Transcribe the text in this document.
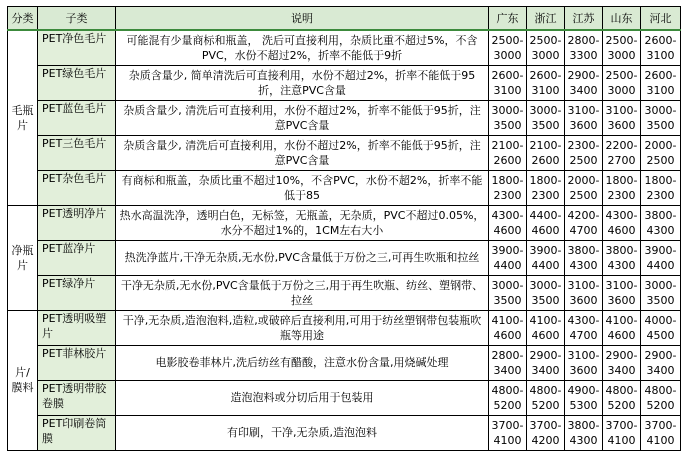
分类	子类	说明	广东	浙江	江苏	山东	河北
毛瓶片	PET净色毛片	可能混有少量商标和瓶盖， 洗后可直接利用，杂质比重不超过5%，不含PVC，水份不超过2%，折率不能低于9折	2500-3000	2500-3000	2800-3300	2500-3000	2600-3100
	PET绿色毛片	杂质含量少, 简单清洗后可直接利用，水份不超过2%，折率不能低于95折，注意PVC含量	2600-3100	2600-3100	2900-3400	2500-3000	2600-3100
	PET蓝色毛片	杂质含量少, 清洗后可直接利用，水份不超过2%，折率不能低于95折，注意PVC含量	3000-3500	3000-3500	3100-3600	3100-3600	3000-3500
	PET三色毛片	杂质含量少, 清洗后可直接利用，水份不超过2%，折率不能低于95折，注意PVC含量	2100-2600	2100-2600	2300-2500	2200-2700	2000-2500
	PET杂色毛片	有商标和瓶盖，杂质比重不超过10%，不含PVC，水份不超2%，折率不能低于85	1800-2300	1800-2300	2000-2500	1800-2300	1800-2300
净瓶片	PET透明净片	热水高温洗净，透明白色，无标签，无瓶盖，无杂质，PVC不超过0.05%，水分不超过1%的，1CM左右大小	4300-4600	4400-4600	4200-4700	4300-4600	3800-4300
	PET蓝净片	热洗净蓝片,干净无杂质,无水份,PVC含量低于万份之三,可再生吹瓶和拉丝	3900-4400	3900-4400	3800-4300	3800-4300	3900-4400
	PET绿净片	干净无杂质,无水份,PVC含量低于万份之三,用于再生吹瓶、纺丝、塑钢带、拉丝	3000-3500	3000-3500	3100-3600	3100-3600	3000-3500
片/膜料	PET透明吸塑片	干净,无杂质,造泡泡料,造粒,或破碎后直接利用,可用于纺丝塑钢带包装瓶吹瓶等用途	4100-4600	4100-4600	4300-4700	4100-4600	4000-4500
	PET菲林胶片	电影胶卷菲林片,洗后纺丝有醋酸，注意水份含量,用烧碱处理	2800-3400	2900-3400	3100-3600	2900-3400	2900-3400
	PET透明带胶卷膜	造泡泡料或分切后用于包装用	4800-5200	4800-5200	4900-5300	4800-5200	4800-5200
	PET印刷卷筒膜	有印刷，干净,无杂质,造泡泡料	3700-4100	3700-4200	3800-4300	3700-4100	3700-4100
